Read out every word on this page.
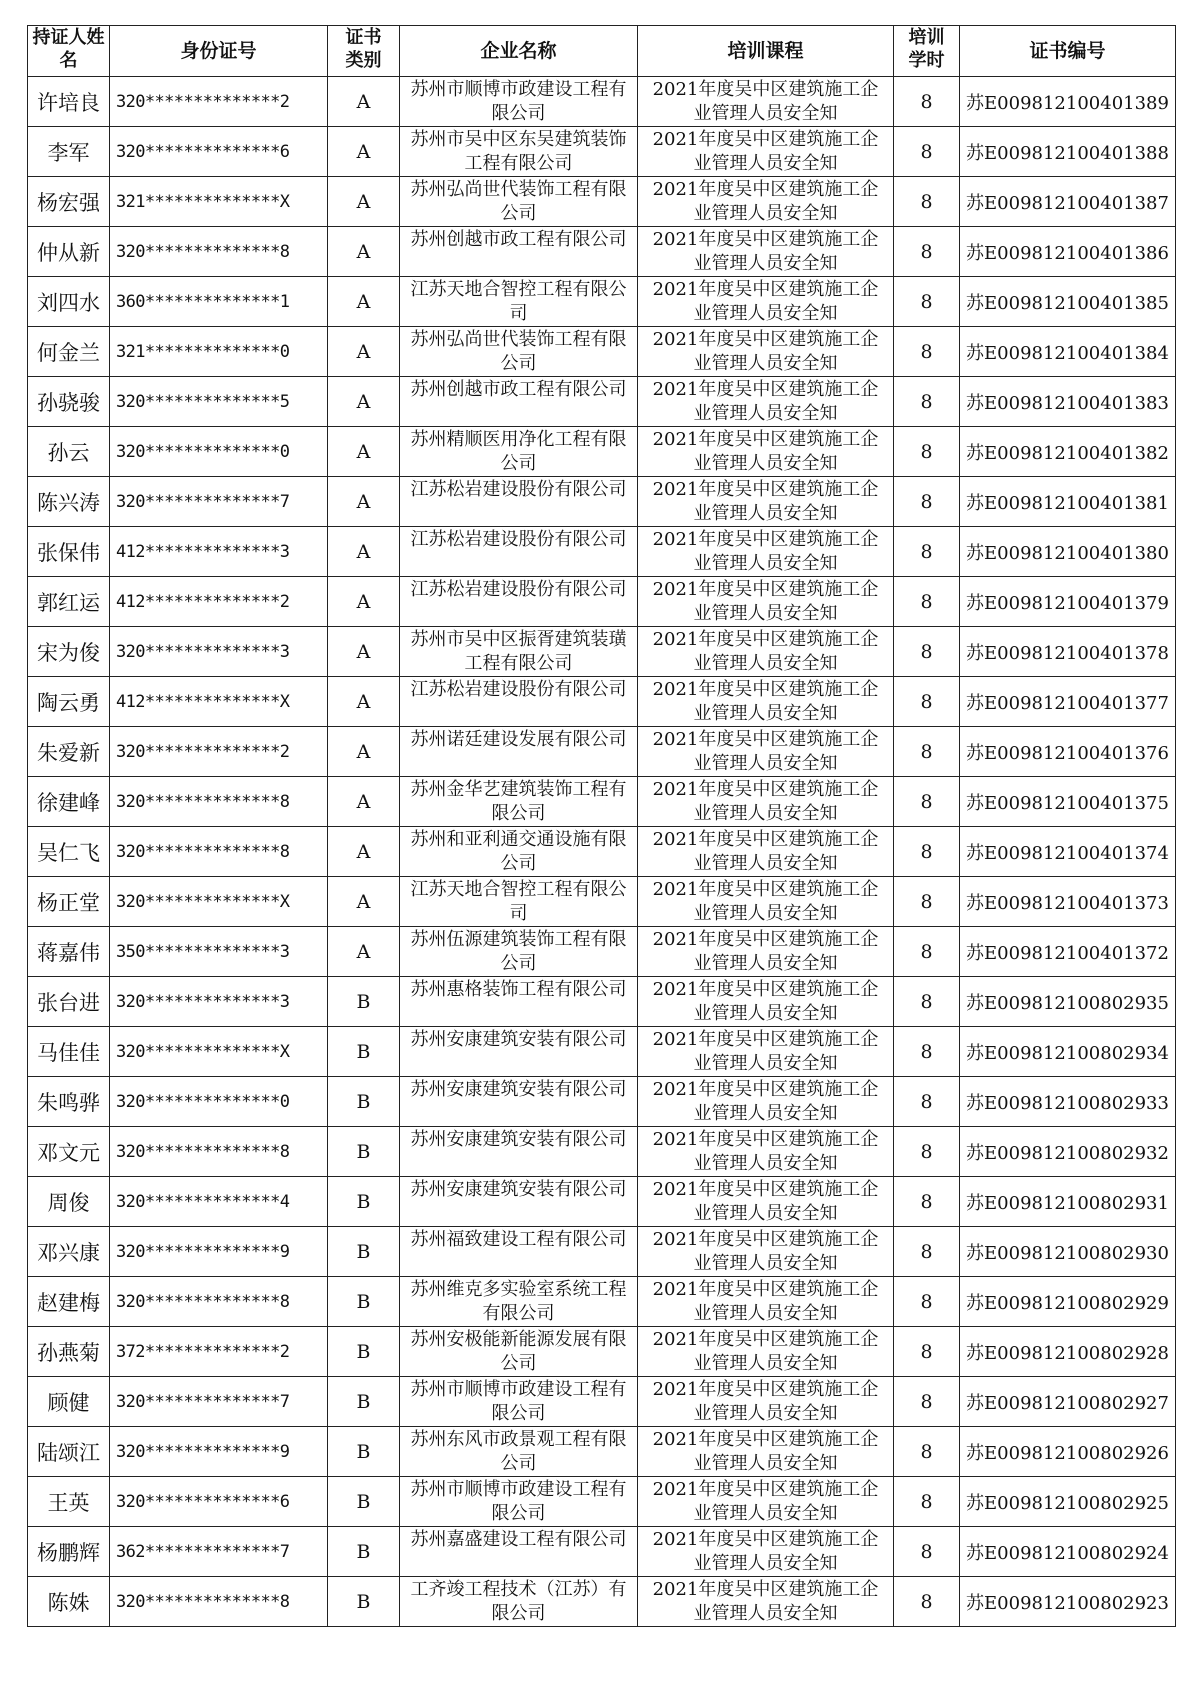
持证人姓名	身份证号	证书类别	企业名称	培训课程	培训学时	证书编号
许培良	320**************2	A	苏州市顺博市政建设工程有限公司	2021年度吴中区建筑施工企业管理人员安全知	8	苏E009812100401389
李军	320**************6	A	苏州市吴中区东吴建筑装饰工程有限公司	2021年度吴中区建筑施工企业管理人员安全知	8	苏E009812100401388
杨宏强	321**************X	A	苏州弘尚世代装饰工程有限公司	2021年度吴中区建筑施工企业管理人员安全知	8	苏E009812100401387
仲从新	320**************8	A	苏州创越市政工程有限公司	2021年度吴中区建筑施工企业管理人员安全知	8	苏E009812100401386
刘四水	360**************1	A	江苏天地合智控工程有限公司	2021年度吴中区建筑施工企业管理人员安全知	8	苏E009812100401385
何金兰	321**************0	A	苏州弘尚世代装饰工程有限公司	2021年度吴中区建筑施工企业管理人员安全知	8	苏E009812100401384
孙骁骏	320**************5	A	苏州创越市政工程有限公司	2021年度吴中区建筑施工企业管理人员安全知	8	苏E009812100401383
孙云	320**************0	A	苏州精顺医用净化工程有限公司	2021年度吴中区建筑施工企业管理人员安全知	8	苏E009812100401382
陈兴涛	320**************7	A	江苏松岩建设股份有限公司	2021年度吴中区建筑施工企业管理人员安全知	8	苏E009812100401381
张保伟	412**************3	A	江苏松岩建设股份有限公司	2021年度吴中区建筑施工企业管理人员安全知	8	苏E009812100401380
郭红运	412**************2	A	江苏松岩建设股份有限公司	2021年度吴中区建筑施工企业管理人员安全知	8	苏E009812100401379
宋为俊	320**************3	A	苏州市吴中区振胥建筑装璜工程有限公司	2021年度吴中区建筑施工企业管理人员安全知	8	苏E009812100401378
陶云勇	412**************X	A	江苏松岩建设股份有限公司	2021年度吴中区建筑施工企业管理人员安全知	8	苏E009812100401377
朱爱新	320**************2	A	苏州诺廷建设发展有限公司	2021年度吴中区建筑施工企业管理人员安全知	8	苏E009812100401376
徐建峰	320**************8	A	苏州金华艺建筑装饰工程有限公司	2021年度吴中区建筑施工企业管理人员安全知	8	苏E009812100401375
吴仁飞	320**************8	A	苏州和亚利通交通设施有限公司	2021年度吴中区建筑施工企业管理人员安全知	8	苏E009812100401374
杨正堂	320**************X	A	江苏天地合智控工程有限公司	2021年度吴中区建筑施工企业管理人员安全知	8	苏E009812100401373
蒋嘉伟	350**************3	A	苏州伍源建筑装饰工程有限公司	2021年度吴中区建筑施工企业管理人员安全知	8	苏E009812100401372
张台进	320**************3	B	苏州惠格装饰工程有限公司	2021年度吴中区建筑施工企业管理人员安全知	8	苏E009812100802935
马佳佳	320**************X	B	苏州安康建筑安装有限公司	2021年度吴中区建筑施工企业管理人员安全知	8	苏E009812100802934
朱鸣骅	320**************0	B	苏州安康建筑安装有限公司	2021年度吴中区建筑施工企业管理人员安全知	8	苏E009812100802933
邓文元	320**************8	B	苏州安康建筑安装有限公司	2021年度吴中区建筑施工企业管理人员安全知	8	苏E009812100802932
周俊	320**************4	B	苏州安康建筑安装有限公司	2021年度吴中区建筑施工企业管理人员安全知	8	苏E009812100802931
邓兴康	320**************9	B	苏州福致建设工程有限公司	2021年度吴中区建筑施工企业管理人员安全知	8	苏E009812100802930
赵建梅	320**************8	B	苏州维克多实验室系统工程有限公司	2021年度吴中区建筑施工企业管理人员安全知	8	苏E009812100802929
孙燕菊	372**************2	B	苏州安极能新能源发展有限公司	2021年度吴中区建筑施工企业管理人员安全知	8	苏E009812100802928
顾健	320**************7	B	苏州市顺博市政建设工程有限公司	2021年度吴中区建筑施工企业管理人员安全知	8	苏E009812100802927
陆颂江	320**************9	B	苏州东风市政景观工程有限公司	2021年度吴中区建筑施工企业管理人员安全知	8	苏E009812100802926
王英	320**************6	B	苏州市顺博市政建设工程有限公司	2021年度吴中区建筑施工企业管理人员安全知	8	苏E009812100802925
杨鹏辉	362**************7	B	苏州嘉盛建设工程有限公司	2021年度吴中区建筑施工企业管理人员安全知	8	苏E009812100802924
陈姝	320**************8	B	工齐竣工程技术（江苏）有限公司	2021年度吴中区建筑施工企业管理人员安全知	8	苏E009812100802923
